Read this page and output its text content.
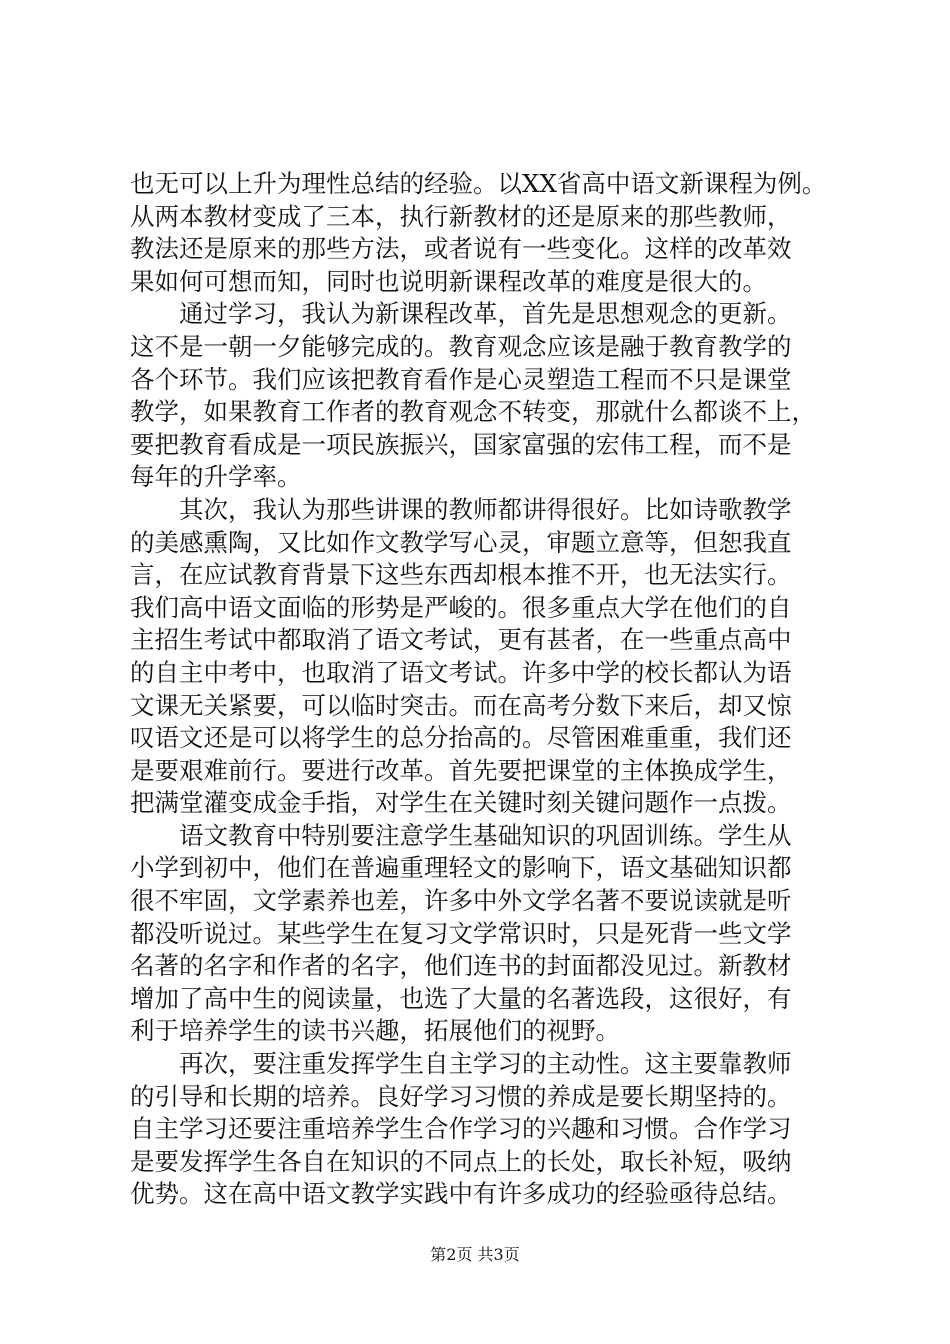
也无可以上升为理性总结的经验。以XX省高中语文新课程为例。
从两本教材变成了三本，执行新教材的还是原来的那些教师，
教法还是原来的那些方法，或者说有一些变化。这样的改革效
果如何可想而知，同时也说明新课程改革的难度是很大的。
　　通过学习，我认为新课程改革，首先是思想观念的更新。
这不是一朝一夕能够完成的。教育观念应该是融于教育教学的
各个环节。我们应该把教育看作是心灵塑造工程而不只是课堂
教学，如果教育工作者的教育观念不转变，那就什么都谈不上，
要把教育看成是一项民族振兴，国家富强的宏伟工程，而不是
每年的升学率。
　　其次，我认为那些讲课的教师都讲得很好。比如诗歌教学
的美感熏陶，又比如作文教学写心灵，审题立意等，但恕我直
言，在应试教育背景下这些东西却根本推不开，也无法实行。
我们高中语文面临的形势是严峻的。很多重点大学在他们的自
主招生考试中都取消了语文考试，更有甚者，在一些重点高中
的自主中考中，也取消了语文考试。许多中学的校长都认为语
文课无关紧要，可以临时突击。而在高考分数下来后，却又惊
叹语文还是可以将学生的总分抬高的。尽管困难重重，我们还
是要艰难前行。要进行改革。首先要把课堂的主体换成学生，
把满堂灌变成金手指，对学生在关键时刻关键问题作一点拨。
　　语文教育中特别要注意学生基础知识的巩固训练。学生从
小学到初中，他们在普遍重理轻文的影响下，语文基础知识都
很不牢固，文学素养也差，许多中外文学名著不要说读就是听
都没听说过。某些学生在复习文学常识时，只是死背一些文学
名著的名字和作者的名字，他们连书的封面都没见过。新教材
增加了高中生的阅读量，也选了大量的名著选段，这很好，有
利于培养学生的读书兴趣，拓展他们的视野。
　　再次，要注重发挥学生自主学习的主动性。这主要靠教师
的引导和长期的培养。良好学习习惯的养成是要长期坚持的。
自主学习还要注重培养学生合作学习的兴趣和习惯。合作学习
是要发挥学生各自在知识的不同点上的长处，取长补短，吸纳
优势。这在高中语文教学实践中有许多成功的经验亟待总结。
第2页 共3页
